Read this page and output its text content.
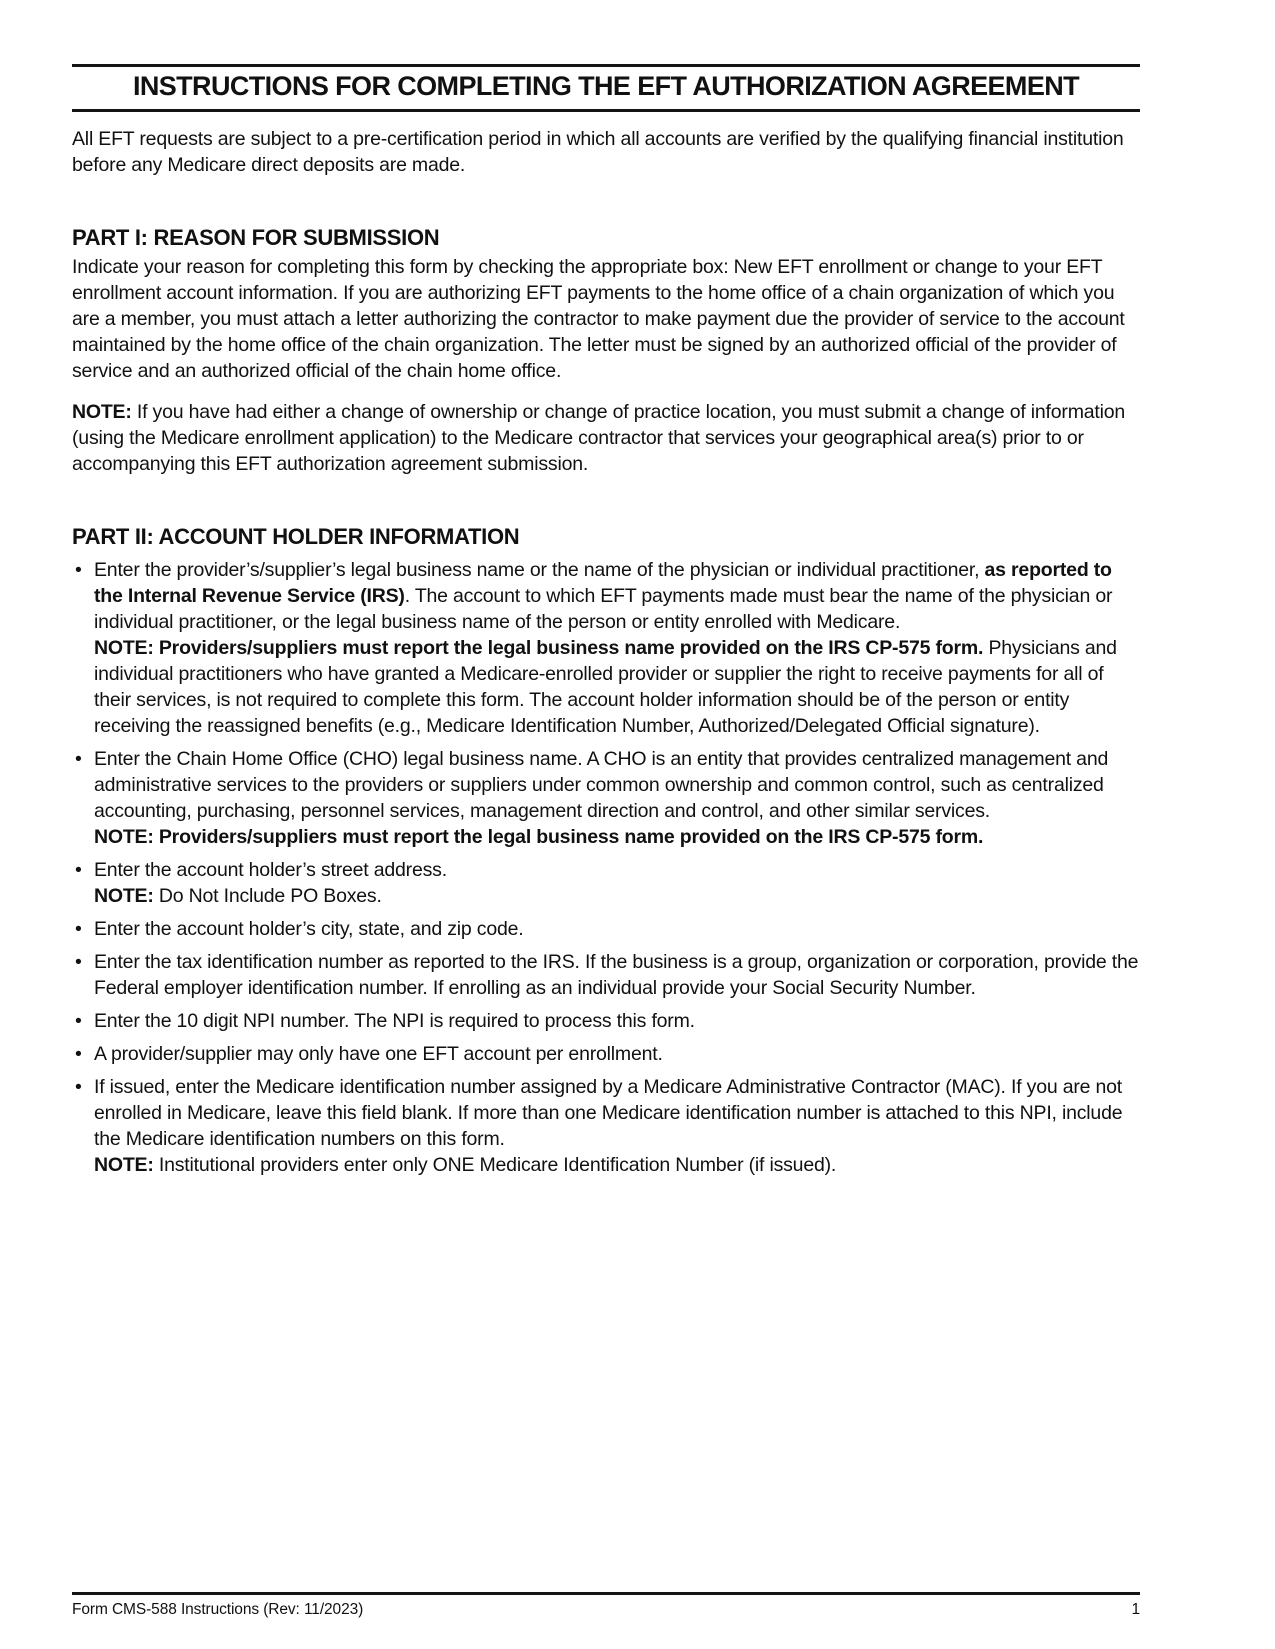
INSTRUCTIONS FOR COMPLETING THE EFT AUTHORIZATION AGREEMENT

All EFT requests are subject to a pre-certification period in which all accounts are verified by the qualifying financial institution before any Medicare direct deposits are made.

PART I: REASON FOR SUBMISSION

Indicate your reason for completing this form by checking the appropriate box: New EFT enrollment or change to your EFT enrollment account information. If you are authorizing EFT payments to the home office of a chain organization of which you are a member, you must attach a letter authorizing the contractor to make payment due the provider of service to the account maintained by the home office of the chain organization. The letter must be signed by an authorized official of the provider of service and an authorized official of the chain home office.

NOTE: If you have had either a change of ownership or change of practice location, you must submit a change of information (using the Medicare enrollment application) to the Medicare contractor that services your geographical area(s) prior to or accompanying this EFT authorization agreement submission.

PART II: ACCOUNT HOLDER INFORMATION
• Enter the provider’s/supplier’s legal business name or the name of the physician or individual practitioner, as reported to the Internal Revenue Service (IRS). The account to which EFT payments made must bear the name of the physician or individual practitioner, or the legal business name of the person or entity enrolled with Medicare.
NOTE: Providers/suppliers must report the legal business name provided on the IRS CP-575 form. Physicians and individual practitioners who have granted a Medicare-enrolled provider or supplier the right to receive payments for all of their services, is not required to complete this form. The account holder information should be of the person or entity receiving the reassigned benefits (e.g., Medicare Identification Number, Authorized/Delegated Official signature).
• Enter the Chain Home Office (CHO) legal business name. A CHO is an entity that provides centralized management and administrative services to the providers or suppliers under common ownership and common control, such as centralized accounting, purchasing, personnel services, management direction and control, and other similar services.
NOTE: Providers/suppliers must report the legal business name provided on the IRS CP-575 form.
• Enter the account holder’s street address.
NOTE: Do Not Include PO Boxes.
• Enter the account holder’s city, state, and zip code.
• Enter the tax identification number as reported to the IRS. If the business is a group, organization or corporation, provide the Federal employer identification number. If enrolling as an individual provide your Social Security Number.
• Enter the 10 digit NPI number. The NPI is required to process this form.
• A provider/supplier may only have one EFT account per enrollment.
• If issued, enter the Medicare identification number assigned by a Medicare Administrative Contractor (MAC). If you are not enrolled in Medicare, leave this field blank. If more than one Medicare identification number is attached to this NPI, include the Medicare identification numbers on this form.
NOTE: Institutional providers enter only ONE Medicare Identification Number (if issued).
Form CMS-588 Instructions (Rev: 11/2023)	1
